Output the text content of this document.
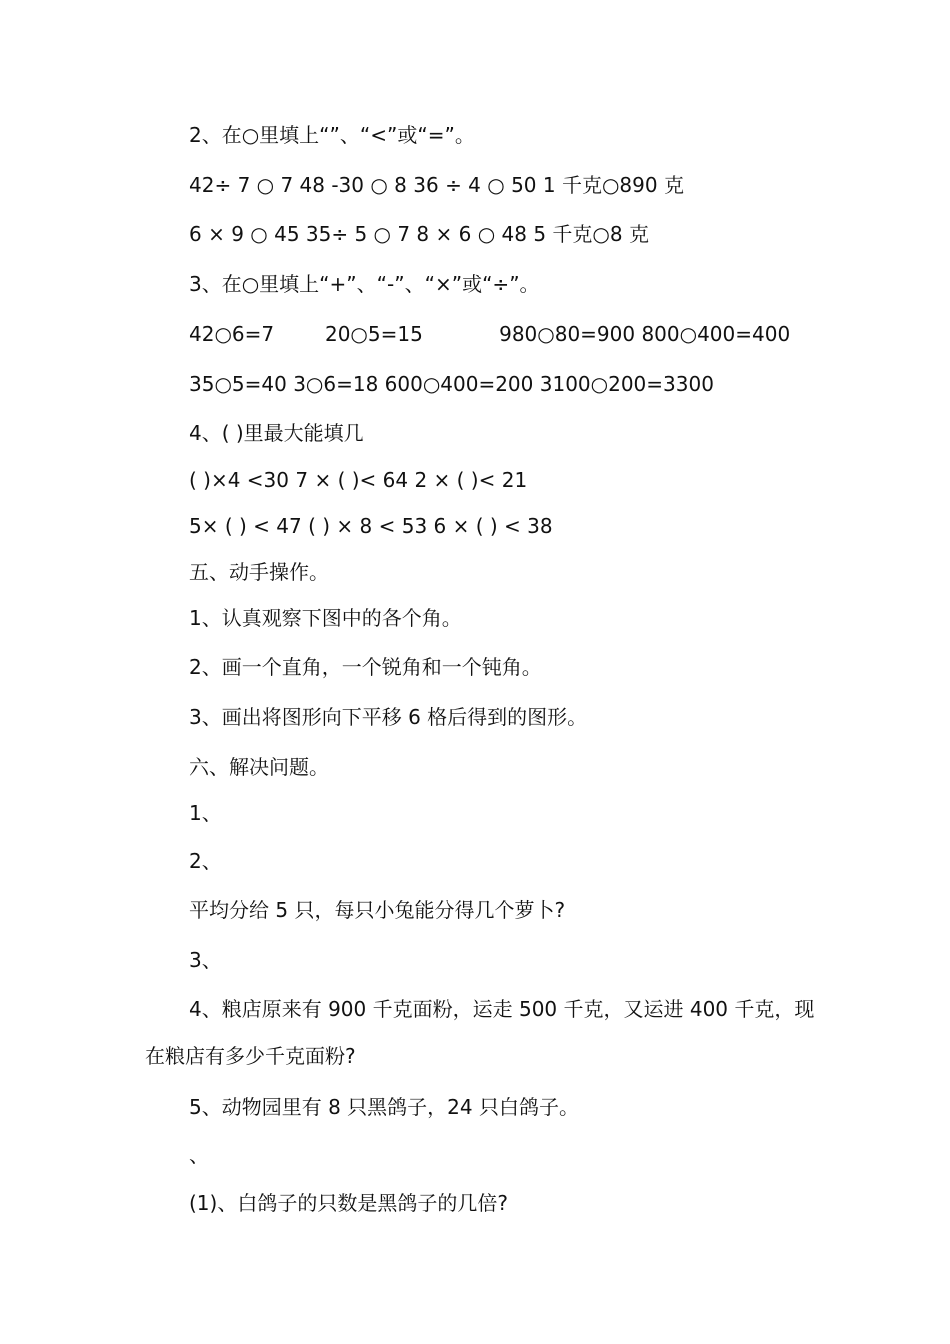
2、在○里填上“”、“<”或“=”。
42÷ 7 ○ 7 48 -30 ○ 8 36 ÷ 4 ○ 50 1 千克○890 克
6 × 9 ○ 45 35÷ 5 ○ 7 8 × 6 ○ 48 5 千克○8 克
3、在○里填上“+”、“-”、“×”或“÷”。
42○6=7        20○5=15            980○80=900 800○400=400
35○5=40 3○6=18 600○400=200 3100○200=3300
4、( )里最大能填几
( )×4 <30 7 × ( )< 64 2 × ( )< 21
5× ( ) < 47 ( ) × 8 < 53 6 × ( ) < 38
五、动手操作。
1、认真观察下图中的各个角。
2、画一个直角，一个锐角和一个钝角。
3、画出将图形向下平移 6 格后得到的图形。
六、解决问题。
1、
2、
平均分给 5 只，每只小兔能分得几个萝卜?
3、
4、粮店原来有 900 千克面粉，运走 500 千克，又运进 400 千克，现
在粮店有多少千克面粉?
5、动物园里有 8 只黑鸽子，24 只白鸽子。
、
(1)、白鸽子的只数是黑鸽子的几倍?
